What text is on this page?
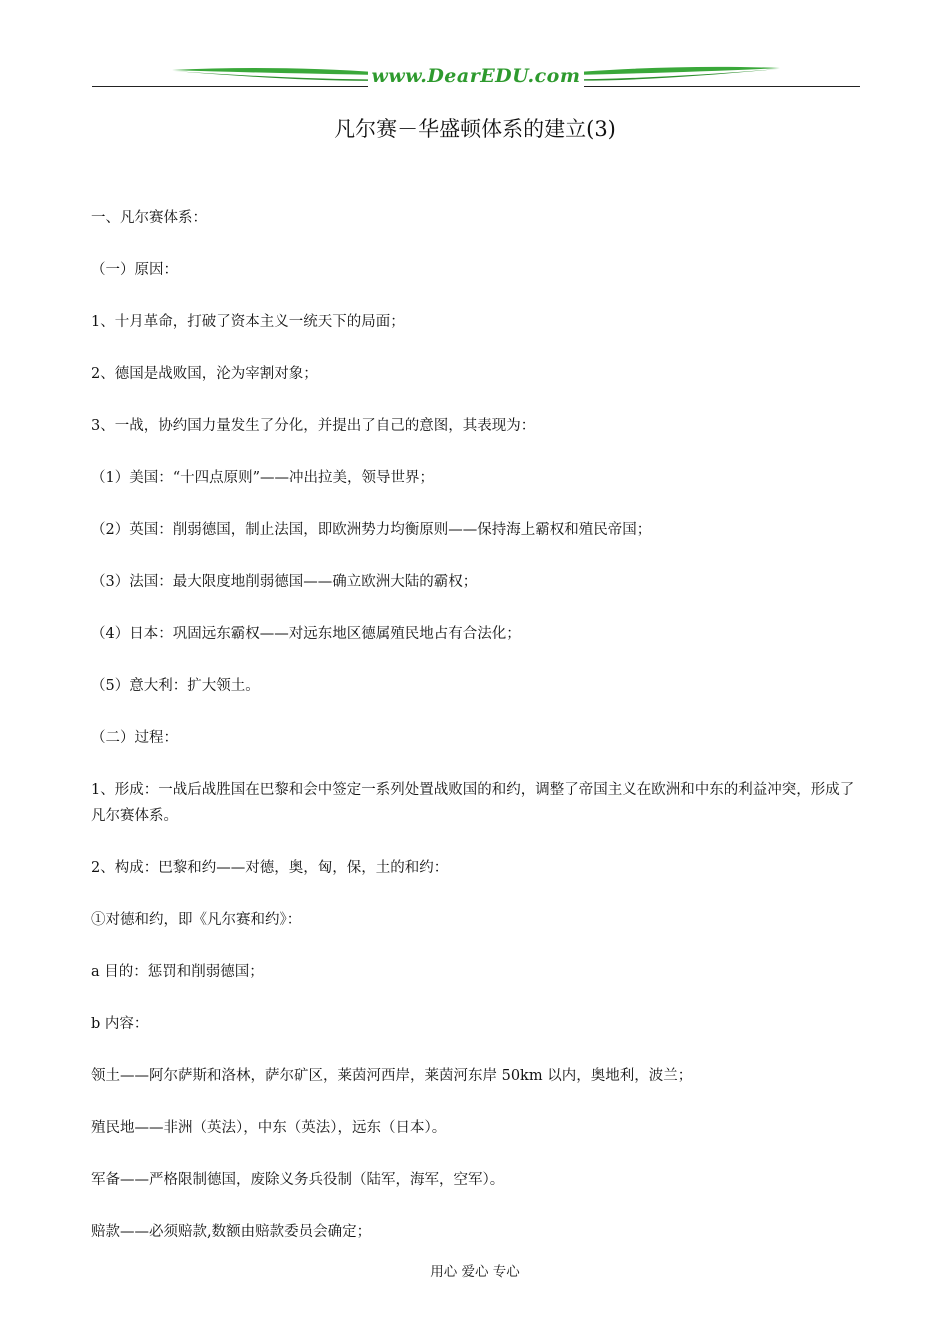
www.DearEDU.com
凡尔赛－华盛顿体系的建立(3)

一、凡尔赛体系：

（一）原因：

1、十月革命，打破了资本主义一统天下的局面；

2、德国是战败国，沦为宰割对象；

3、一战，协约国力量发生了分化，并提出了自己的意图，其表现为：

（1）美国：“十四点原则”——冲出拉美，领导世界；

（2）英国：削弱德国，制止法国，即欧洲势力均衡原则——保持海上霸权和殖民帝国；

（3）法国：最大限度地削弱德国——确立欧洲大陆的霸权；

（4）日本：巩固远东霸权——对远东地区德属殖民地占有合法化；

（5）意大利：扩大领土。

（二）过程：

1、形成：一战后战胜国在巴黎和会中签定一系列处置战败国的和约，调整了帝国主义在欧洲和中东的利益冲突，形成了凡尔赛体系。

2、构成：巴黎和约——对德，奥，匈，保，土的和约：

①对德和约，即《凡尔赛和约》：

a 目的：惩罚和削弱德国；

b 内容：

领土——阿尔萨斯和洛林，萨尔矿区，莱茵河西岸，莱茵河东岸 50km 以内，奥地利，波兰；

殖民地——非洲（英法），中东（英法），远东（日本）。

军备——严格限制德国，废除义务兵役制（陆军，海军，空军）。

赔款——必须赔款,数额由赔款委员会确定；

用心 爱心 专心
